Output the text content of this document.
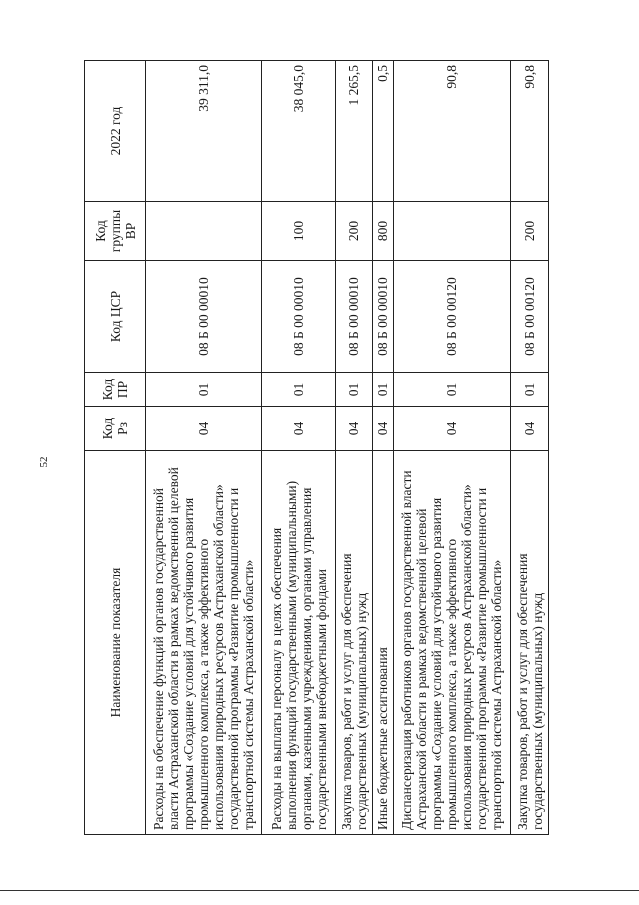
52
Наименование показателя	Код Рз	Код ПР	Код ЦСР	Код группы ВР	2022 год
Расходы на обеспечение функций органов государственной власти Астраханской области в рамках ведомственной целевой программы «Создание условий для устойчивого развития промышленного комплекса, а также эффективного использования природных ресурсов Астраханской области» государственной программы «Развитие промышленности и транспортной системы Астраханской области»	04	01	08 Б 00 00010		39 311,0
Расходы на выплаты персоналу в целях обеспечения выполнения функций государственными (муниципальными) органами, казенными учреждениями, органами управления государственными внебюджетными фондами	04	01	08 Б 00 00010	100	38 045,0
Закупка товаров, работ и услуг для обеспечения государственных (муниципальных) нужд	04	01	08 Б 00 00010	200	1 265,5
Иные бюджетные ассигнования	04	01	08 Б 00 00010	800	0,5
Диспансеризация работников органов государственной власти Астраханской области в рамках ведомственной целевой программы «Создание условий для устойчивого развития промышленного комплекса, а также эффективного использования природных ресурсов Астраханской области» государственной программы «Развитие промышленности и транспортной системы Астраханской области»	04	01	08 Б 00 00120		90,8
Закупка товаров, работ и услуг для обеспечения государственных (муниципальных) нужд	04	01	08 Б 00 00120	200	90,8
